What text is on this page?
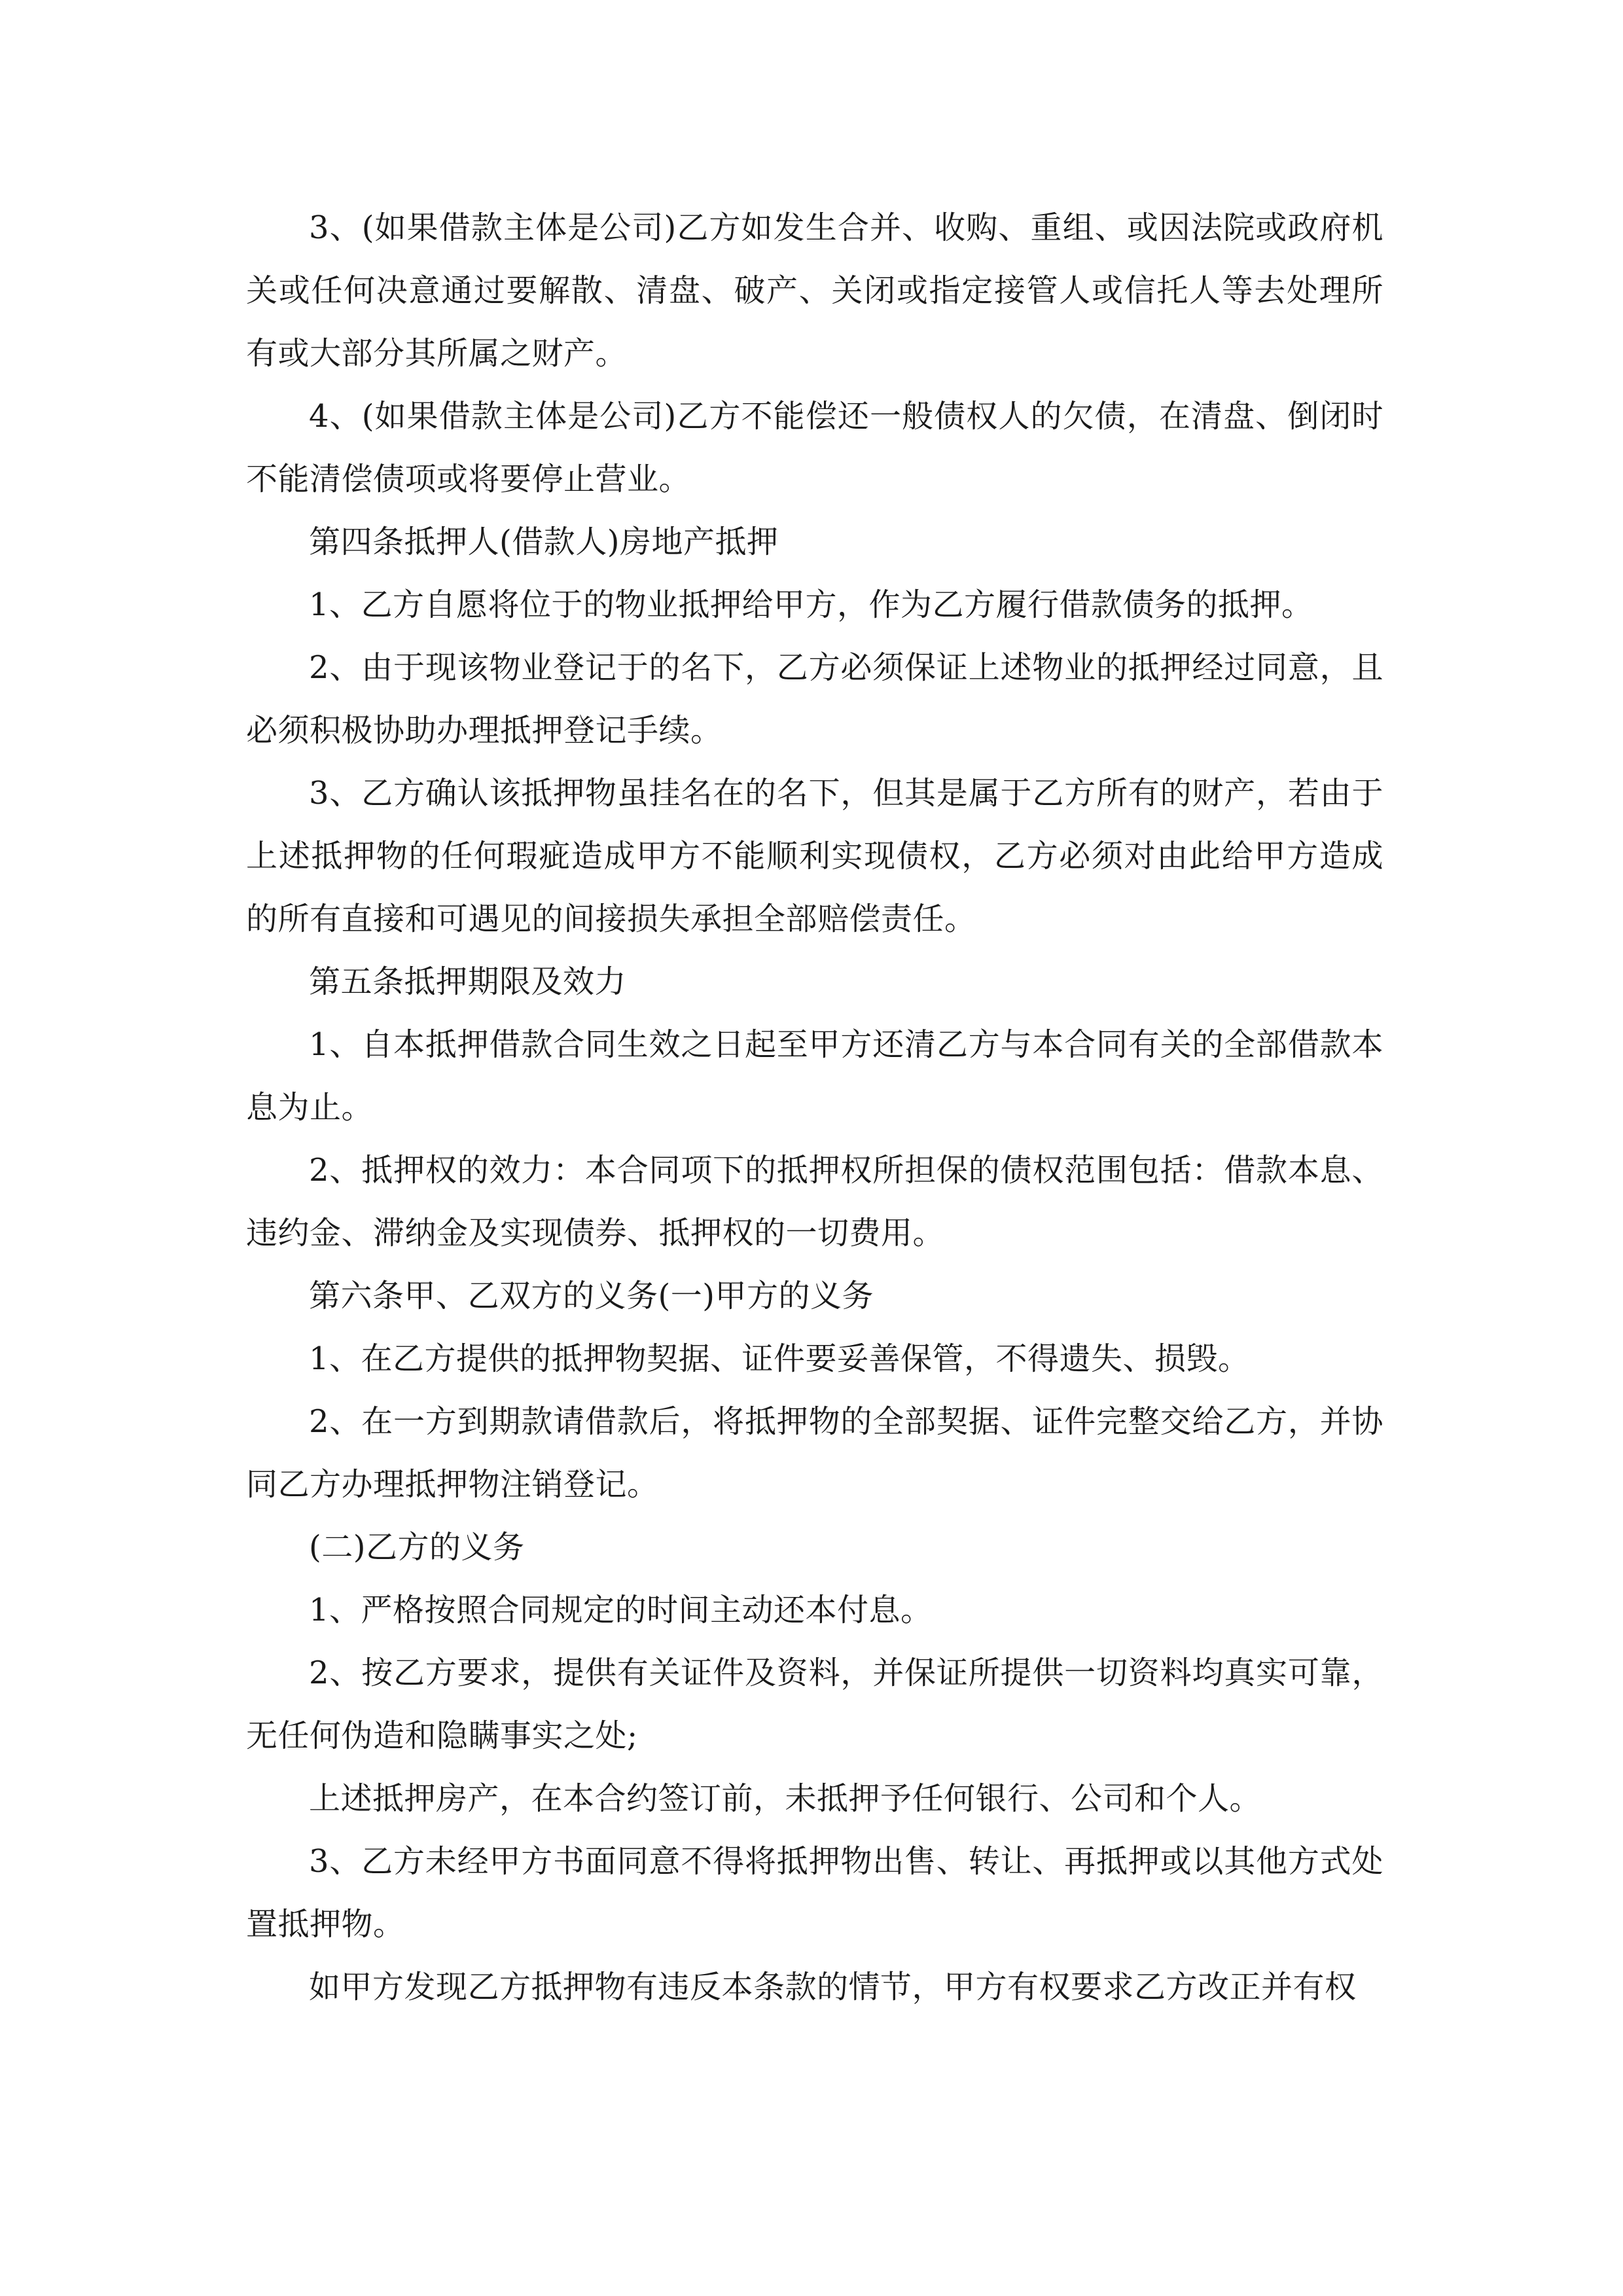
3、(如果借款主体是公司)乙方如发生合并、收购、重组、或因法院或政府机关或任何决意通过要解散、清盘、破产、关闭或指定接管人或信托人等去处理所有或大部分其所属之财产。

4、(如果借款主体是公司)乙方不能偿还一般债权人的欠债，在清盘、倒闭时不能清偿债项或将要停止营业。

第四条抵押人(借款人)房地产抵押

1、乙方自愿将位于的物业抵押给甲方，作为乙方履行借款债务的抵押。

2、由于现该物业登记于的名下，乙方必须保证上述物业的抵押经过同意，且必须积极协助办理抵押登记手续。

3、乙方确认该抵押物虽挂名在的名下，但其是属于乙方所有的财产，若由于上述抵押物的任何瑕疵造成甲方不能顺利实现债权，乙方必须对由此给甲方造成的所有直接和可遇见的间接损失承担全部赔偿责任。

第五条抵押期限及效力

1、自本抵押借款合同生效之日起至甲方还清乙方与本合同有关的全部借款本息为止。

2、抵押权的效力：本合同项下的抵押权所担保的债权范围包括：借款本息、违约金、滞纳金及实现债券、抵押权的一切费用。

第六条甲、乙双方的义务(一)甲方的义务

1、在乙方提供的抵押物契据、证件要妥善保管，不得遗失、损毁。

2、在一方到期款请借款后，将抵押物的全部契据、证件完整交给乙方，并协同乙方办理抵押物注销登记。

(二)乙方的义务

1、严格按照合同规定的时间主动还本付息。

2、按乙方要求，提供有关证件及资料，并保证所提供一切资料均真实可靠，无任何伪造和隐瞒事实之处;

上述抵押房产，在本合约签订前，未抵押予任何银行、公司和个人。

3、乙方未经甲方书面同意不得将抵押物出售、转让、再抵押或以其他方式处置抵押物。

如甲方发现乙方抵押物有违反本条款的情节，甲方有权要求乙方改正并有权
